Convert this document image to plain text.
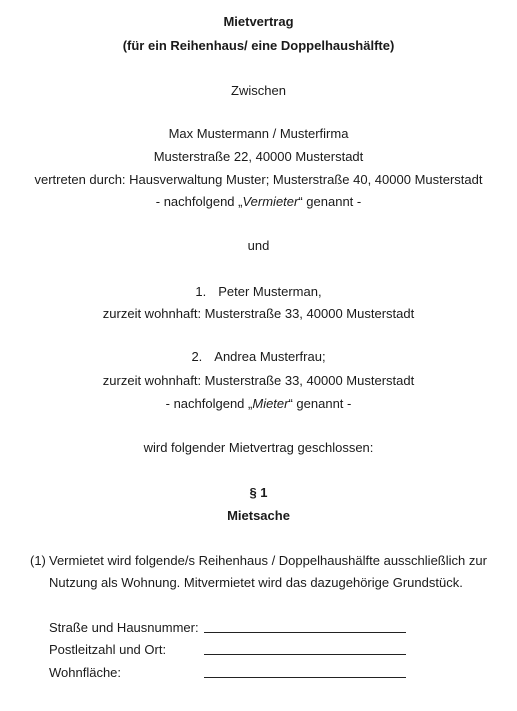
Mietvertrag
(für ein Reihenhaus/ eine Doppelhaushälfte)
Zwischen
Max Mustermann / Musterfirma
Musterstraße 22, 40000 Musterstadt
vertreten durch: Hausverwaltung Muster; Musterstraße 40, 40000 Musterstadt
- nachfolgend „Vermieter“ genannt -
und
1. Peter Musterman,
zurzeit wohnhaft: Musterstraße 33, 40000 Musterstadt
2. Andrea Musterfrau;
zurzeit wohnhaft: Musterstraße 33, 40000 Musterstadt
- nachfolgend „Mieter“ genannt -
wird folgender Mietvertrag geschlossen:
§ 1
Mietsache
(1) Vermietet wird folgende/s Reihenhaus / Doppelhaushälfte ausschließlich zur
Nutzung als Wohnung. Mitvermietet wird das dazugehörige Grundstück.
Straße und Hausnummer:
Postleitzahl und Ort:
Wohnfläche:
